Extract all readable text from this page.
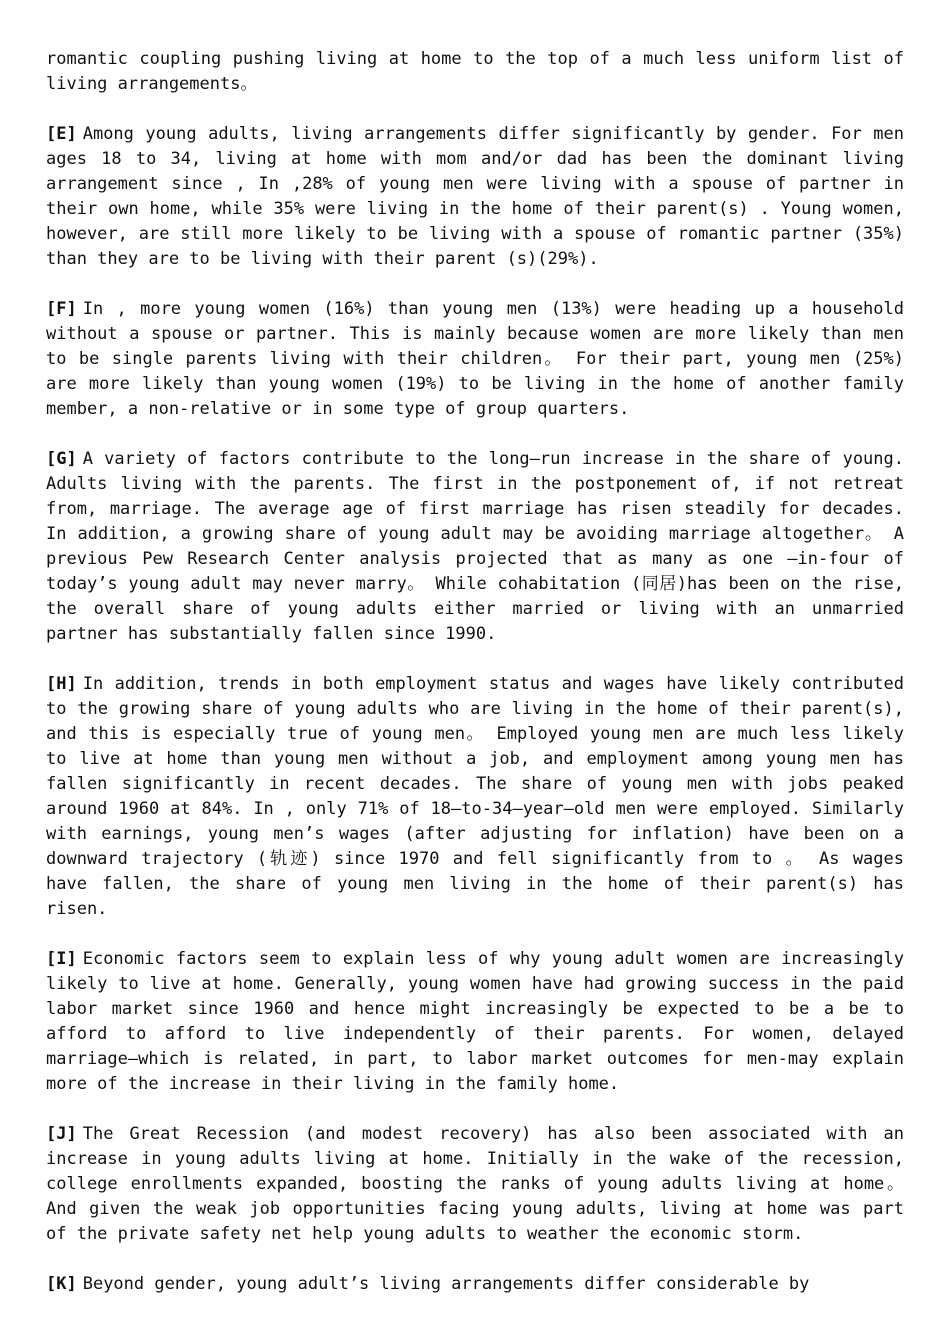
romantic coupling pushing living at home to the top of a much less uniform list of living arrangements。

[E] Among young adults, living arrangements differ significantly by gender. For men ages 18 to 34, living at home with mom and/or dad has been the dominant living arrangement since , In ,28% of young men were living with a spouse of partner in their own home, while 35% were living in the home of their parent(s) . Young women, however, are still more likely to be living with a spouse of romantic partner (35%) than they are to be living with their parent (s)(29%).

[F] In , more young women (16%) than young men (13%) were heading up a household without a spouse or partner. This is mainly because women are more likely than men to be single parents living with their children。 For their part, young men (25%) are more likely than young women (19%) to be living in the home of another family member, a non-relative or in some type of group quarters.

[G] A variety of factors contribute to the long—run increase in the share of young. Adults living with the parents. The first in the postponement of, if not retreat from, marriage. The average age of first marriage has risen steadily for decades. In addition, a growing share of young adult may be avoiding marriage altogether。 A previous Pew Research Center analysis projected that as many as one —in-four of today’s young adult may never marry。 While cohabitation (同居)has been on the rise, the overall share of young adults either married or living with an unmarried partner has substantially fallen since 1990.

[H] In addition, trends in both employment status and wages have likely contributed to the growing share of young adults who are living in the home of their parent(s), and this is especially true of young men。 Employed young men are much less likely to live at home than young men without a job, and employment among young men has fallen significantly in recent decades. The share of young men with jobs peaked around 1960 at 84%. In , only 71% of 18—to-34—year—old men were employed. Similarly with earnings, young men’s wages (after adjusting for inflation) have been on a downward trajectory (轨迹) since 1970 and fell significantly from to 。 As wages have fallen, the share of young men living in the home of their parent(s) has risen.

[I] Economic factors seem to explain less of why young adult women are increasingly likely to live at home. Generally, young women have had growing success in the paid labor market since 1960 and hence might increasingly be expected to be a be to afford to afford to live independently of their parents. For women, delayed marriage—which is related, in part, to labor market outcomes for men-may explain more of the increase in their living in the family home.

[J] The Great Recession (and modest recovery) has also been associated with an increase in young adults living at home. Initially in the wake of the recession, college enrollments expanded, boosting the ranks of young adults living at home。 And given the weak job opportunities facing young adults, living at home was part of the private safety net help young adults to weather the economic storm.

[K] Beyond gender, young adult’s living arrangements differ considerable by
